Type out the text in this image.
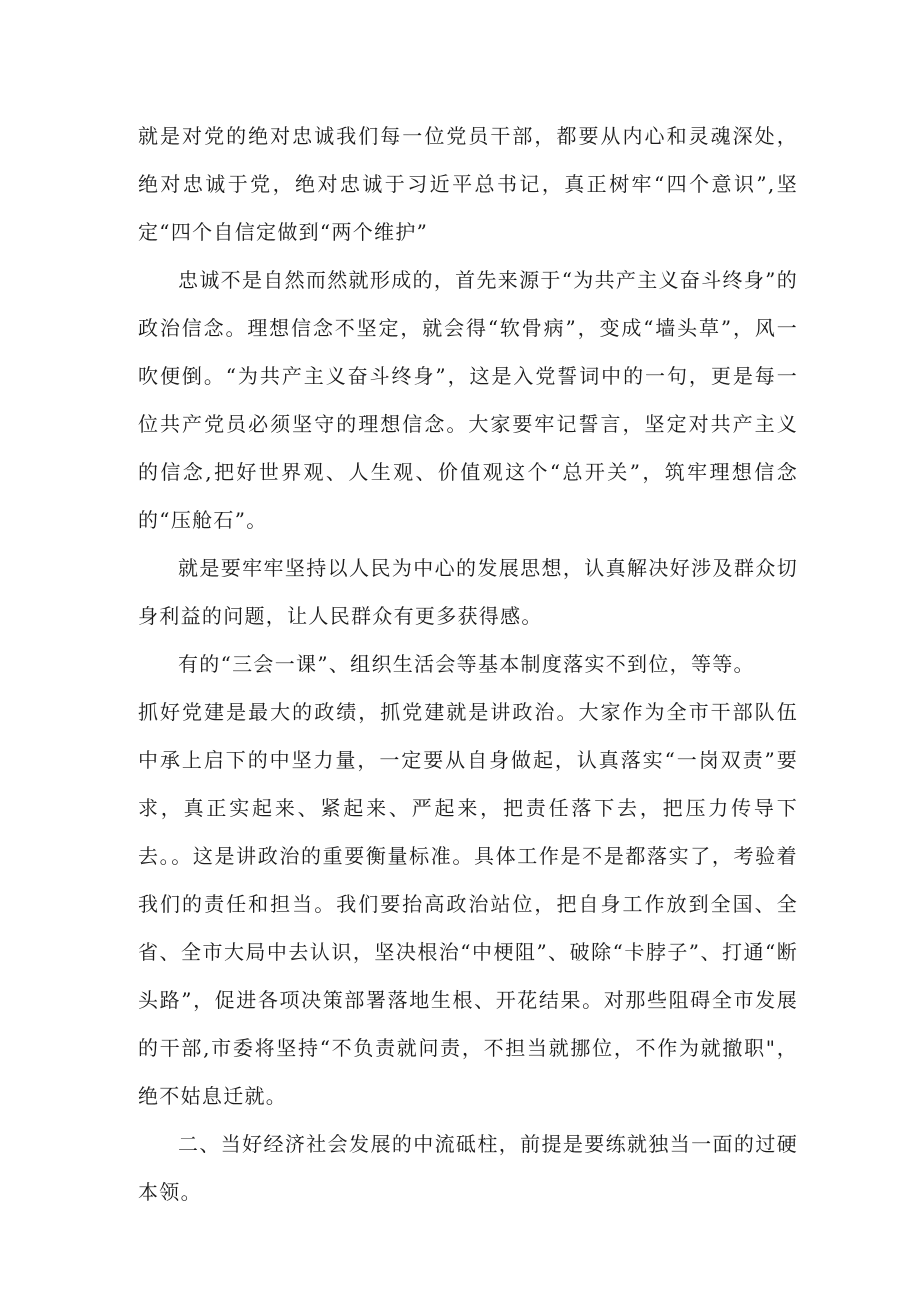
就是对党的绝对忠诚我们每一位党员干部，都要从内心和灵魂深处，绝对忠诚于党，绝对忠诚于习近平总书记，真正树牢“四个意识”,坚定“四个自信定做到“两个维护”

忠诚不是自然而然就形成的，首先来源于“为共产主义奋斗终身”的政治信念。理想信念不坚定，就会得“软骨病”，变成“墙头草”，风一吹便倒。“为共产主义奋斗终身”，这是入党誓词中的一句，更是每一位共产党员必须坚守的理想信念。大家要牢记誓言，坚定对共产主义的信念,把好世界观、人生观、价值观这个“总开关”，筑牢理想信念的“压舱石”。

就是要牢牢坚持以人民为中心的发展思想，认真解决好涉及群众切身利益的问题，让人民群众有更多获得感。

有的“三会一课”、组织生活会等基本制度落实不到位，等等。

抓好党建是最大的政绩，抓党建就是讲政治。大家作为全市干部队伍中承上启下的中坚力量，一定要从自身做起，认真落实“一岗双责”要求，真正实起来、紧起来、严起来，把责任落下去，把压力传导下去。。这是讲政治的重要衡量标准。具体工作是不是都落实了，考验着我们的责任和担当。我们要抬高政治站位，把自身工作放到全国、全省、全市大局中去认识，坚决根治“中梗阻”、破除“卡脖子”、打通“断头路”，促进各项决策部署落地生根、开花结果。对那些阻碍全市发展的干部,市委将坚持“不负责就问责，不担当就挪位，不作为就撤职"，绝不姑息迁就。

二、当好经济社会发展的中流砥柱，前提是要练就独当一面的过硬本领。
